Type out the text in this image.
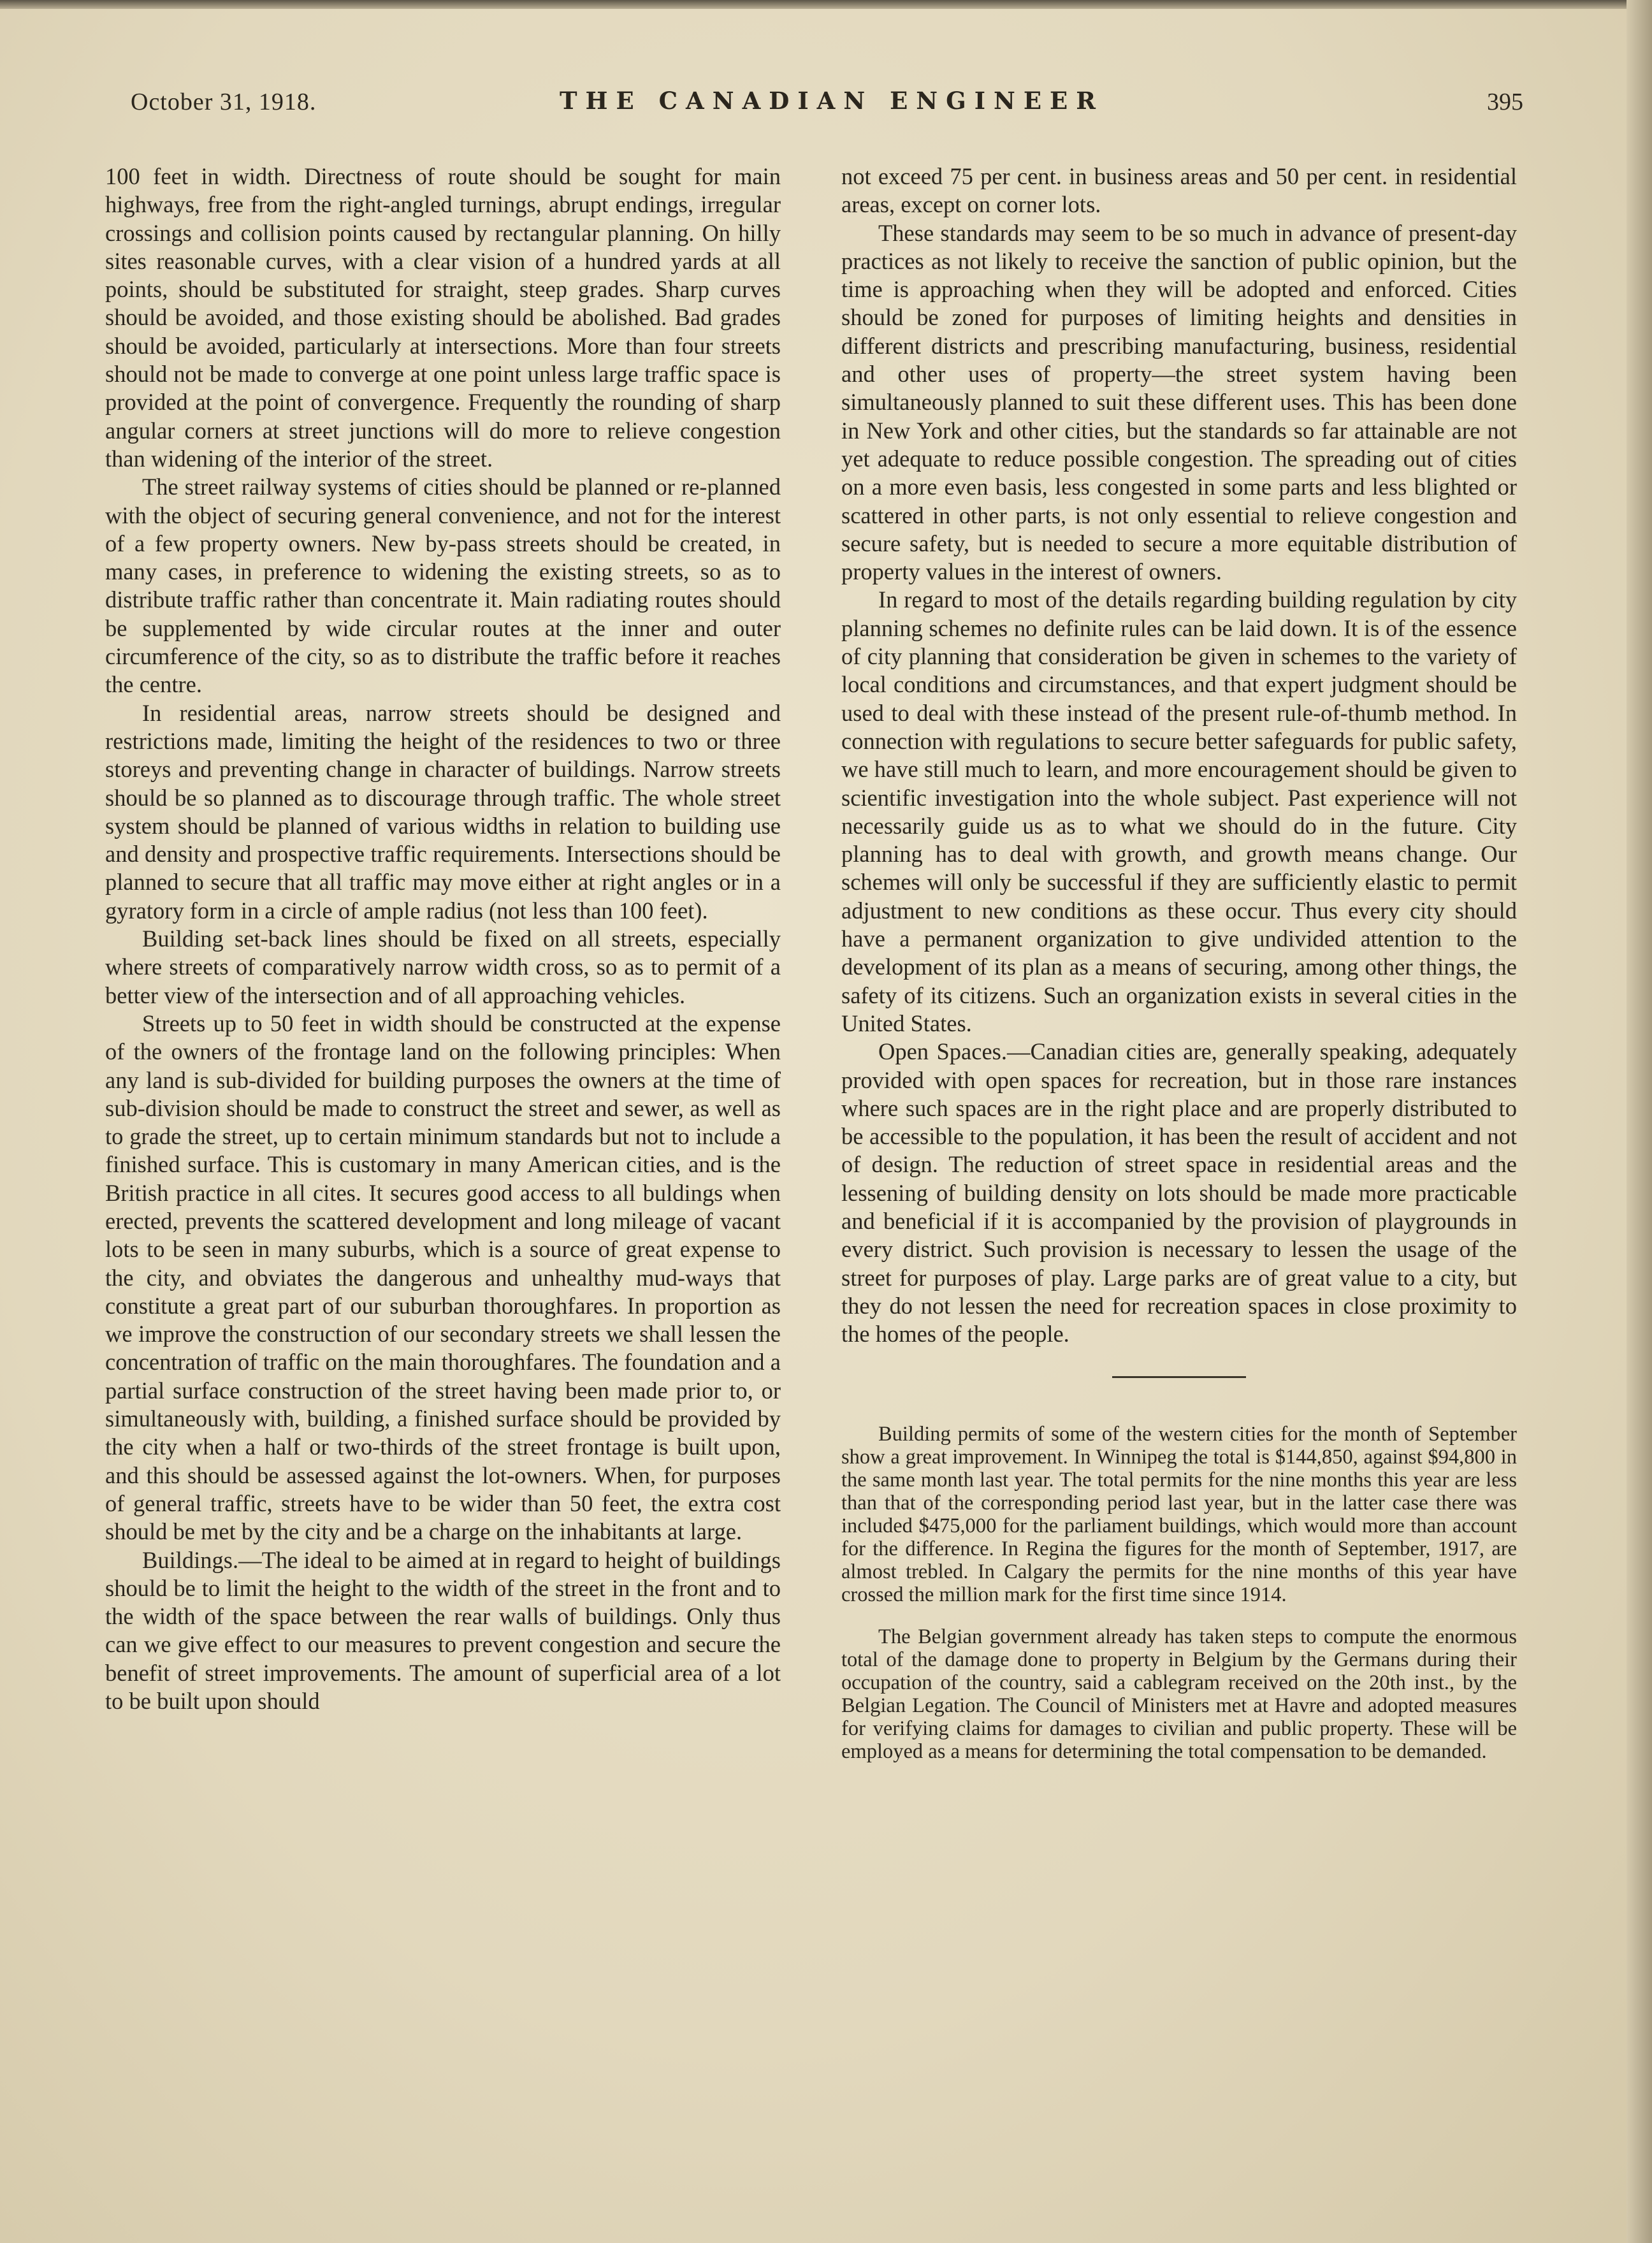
October 31, 1918.	THE CANADIAN ENGINEER	395

100 feet in width. Directness of route should be sought for main highways, free from the right-angled turnings, abrupt endings, irregular crossings and collision points caused by rectangular planning. On hilly sites reasonable curves, with a clear vision of a hundred yards at all points, should be substituted for straight, steep grades. Sharp curves should be avoided, and those existing should be abolished. Bad grades should be avoided, particularly at intersections. More than four streets should not be made to converge at one point unless large traffic space is provided at the point of convergence. Frequently the rounding of sharp angular corners at street junctions will do more to relieve congestion than widening of the interior of the street.

The street railway systems of cities should be planned or re-planned with the object of securing general convenience, and not for the interest of a few property owners. New by-pass streets should be created, in many cases, in preference to widening the existing streets, so as to distribute traffic rather than concentrate it. Main radiating routes should be supplemented by wide circular routes at the inner and outer circumference of the city, so as to distribute the traffic before it reaches the centre.

In residential areas, narrow streets should be designed and restrictions made, limiting the height of the residences to two or three storeys and preventing change in character of buildings. Narrow streets should be so planned as to discourage through traffic. The whole street system should be planned of various widths in relation to building use and density and prospective traffic requirements. Intersections should be planned to secure that all traffic may move either at right angles or in a gyratory form in a circle of ample radius (not less than 100 feet).

Building set-back lines should be fixed on all streets, especially where streets of comparatively narrow width cross, so as to permit of a better view of the intersection and of all approaching vehicles.

Streets up to 50 feet in width should be constructed at the expense of the owners of the frontage land on the following principles: When any land is sub-divided for building purposes the owners at the time of sub-division should be made to construct the street and sewer, as well as to grade the street, up to certain minimum standards but not to include a finished surface. This is customary in many American cities, and is the British practice in all cites. It secures good access to all buldings when erected, prevents the scattered development and long mileage of vacant lots to be seen in many suburbs, which is a source of great expense to the city, and obviates the dangerous and unhealthy mud-ways that constitute a great part of our suburban thoroughfares. In proportion as we improve the construction of our secondary streets we shall lessen the concentration of traffic on the main thoroughfares. The foundation and a partial surface construction of the street having been made prior to, or simultaneously with, building, a finished surface should be provided by the city when a half or two-thirds of the street frontage is built upon, and this should be assessed against the lot-owners. When, for purposes of general traffic, streets have to be wider than 50 feet, the extra cost should be met by the city and be a charge on the inhabitants at large.

Buildings.—The ideal to be aimed at in regard to height of buildings should be to limit the height to the width of the street in the front and to the width of the space between the rear walls of buildings. Only thus can we give effect to our measures to prevent congestion and secure the benefit of street improvements. The amount of superficial area of a lot to be built upon should

not exceed 75 per cent. in business areas and 50 per cent. in residential areas, except on corner lots.

These standards may seem to be so much in advance of present-day practices as not likely to receive the sanction of public opinion, but the time is approaching when they will be adopted and enforced. Cities should be zoned for purposes of limiting heights and densities in different districts and prescribing manufacturing, business, residential and other uses of property—the street system having been simultaneously planned to suit these different uses. This has been done in New York and other cities, but the standards so far attainable are not yet adequate to reduce possible congestion. The spreading out of cities on a more even basis, less congested in some parts and less blighted or scattered in other parts, is not only essential to relieve congestion and secure safety, but is needed to secure a more equitable distribution of property values in the interest of owners.

In regard to most of the details regarding building regulation by city planning schemes no definite rules can be laid down. It is of the essence of city planning that consideration be given in schemes to the variety of local conditions and circumstances, and that expert judgment should be used to deal with these instead of the present rule-of-thumb method. In connection with regulations to secure better safeguards for public safety, we have still much to learn, and more encouragement should be given to scientific investigation into the whole subject. Past experience will not necessarily guide us as to what we should do in the future. City planning has to deal with growth, and growth means change. Our schemes will only be successful if they are sufficiently elastic to permit adjustment to new conditions as these occur. Thus every city should have a permanent organization to give undivided attention to the development of its plan as a means of securing, among other things, the safety of its citizens. Such an organization exists in several cities in the United States.

Open Spaces.—Canadian cities are, generally speaking, adequately provided with open spaces for recreation, but in those rare instances where such spaces are in the right place and are properly distributed to be accessible to the population, it has been the result of accident and not of design. The reduction of street space in residential areas and the lessening of building density on lots should be made more practicable and beneficial if it is accompanied by the provision of playgrounds in every district. Such provision is necessary to lessen the usage of the street for purposes of play. Large parks are of great value to a city, but they do not lessen the need for recreation spaces in close proximity to the homes of the people.

Building permits of some of the western cities for the month of September show a great improvement. In Winnipeg the total is $144,850, against $94,800 in the same month last year. The total permits for the nine months this year are less than that of the corresponding period last year, but in the latter case there was included $475,000 for the parliament buildings, which would more than account for the difference. In Regina the figures for the month of September, 1917, are almost trebled. In Calgary the permits for the nine months of this year have crossed the million mark for the first time since 1914.

The Belgian government already has taken steps to compute the enormous total of the damage done to property in Belgium by the Germans during their occupation of the country, said a cablegram received on the 20th inst., by the Belgian Legation. The Council of Ministers met at Havre and adopted measures for verifying claims for damages to civilian and public property. These will be employed as a means for determining the total compensation to be demanded.
